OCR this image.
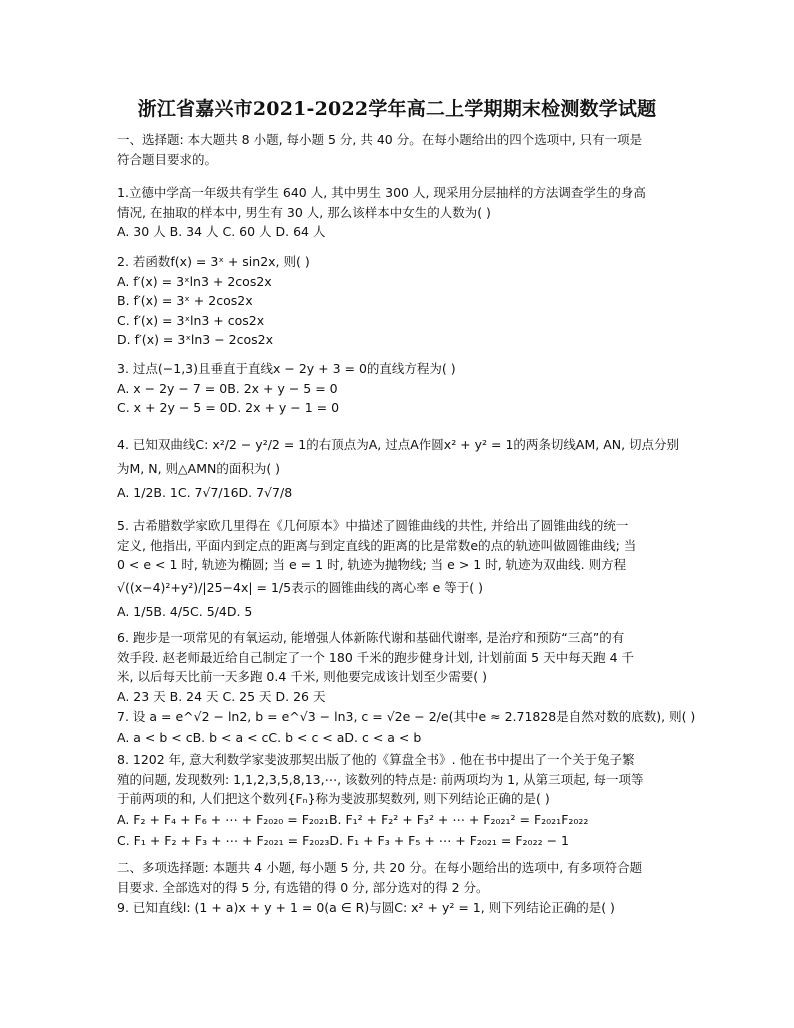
浙江省嘉兴市2021-2022学年高二上学期期末检测数学试题
一、选择题: 本大题共 8 小题, 每小题 5 分, 共 40 分。在每小题给出的四个选项中, 只有一项是
符合题目要求的。
1.立德中学高一年级共有学生 640 人, 其中男生 300 人, 现采用分层抽样的方法调查学生的身高
情况, 在抽取的样本中, 男生有 30 人, 那么该样本中女生的人数为( )
A. 30 人 B. 34 人 C. 60 人 D. 64 人
2. 若函数f(x) = 3ˣ + sin2x, 则( )
A. f′(x) = 3ˣln3 + 2cos2x
B. f′(x) = 3ˣ + 2cos2x
C. f′(x) = 3ˣln3 + cos2x
D. f′(x) = 3ˣln3 − 2cos2x
3. 过点(−1,3)且垂直于直线x − 2y + 3 = 0的直线方程为( )
A. x − 2y − 7 = 0B. 2x + y − 5 = 0
C. x + 2y − 5 = 0D. 2x + y − 1 = 0
4. 已知双曲线C: x²/2 − y²/2 = 1的右顶点为A, 过点A作圆x² + y² = 1的两条切线AM, AN, 切点分别
为M, N, 则△AMN的面积为( )
A. 1/2B. 1C. 7√7/16D. 7√7/8
5. 古希腊数学家欧几里得在《几何原本》中描述了圆锥曲线的共性, 并给出了圆锥曲线的统一
定义, 他指出, 平面内到定点的距离与到定直线的距离的比是常数e的点的轨迹叫做圆锥曲线; 当
0 < e < 1 时, 轨迹为椭圆; 当 e = 1 时, 轨迹为抛物线; 当 e > 1 时, 轨迹为双曲线. 则方程
√((x−4)²+y²)/|25−4x| = 1/5表示的圆锥曲线的离心率 e 等于( )
A. 1/5B. 4/5C. 5/4D. 5
6. 跑步是一项常见的有氧运动, 能增强人体新陈代谢和基础代谢率, 是治疗和预防“三高”的有
效手段. 赵老师最近给自己制定了一个 180 千米的跑步健身计划, 计划前面 5 天中每天跑 4 千
米, 以后每天比前一天多跑 0.4 千米, 则他要完成该计划至少需要( )
A. 23 天 B. 24 天 C. 25 天 D. 26 天
7. 设 a = e^√2 − ln2, b = e^√3 − ln3, c = √2e − 2/e(其中e ≈ 2.71828是自然对数的底数), 则( )
A. a < b < cB. b < a < cC. b < c < aD. c < a < b
8. 1202 年, 意大利数学家斐波那契出版了他的《算盘全书》. 他在书中提出了一个关于兔子繁
殖的问题, 发现数列: 1,1,2,3,5,8,13,⋯, 该数列的特点是: 前两项均为 1, 从第三项起, 每一项等
于前两项的和, 人们把这个数列{Fₙ}称为斐波那契数列, 则下列结论正确的是( )
A. F₂ + F₄ + F₆ + ⋯ + F₂₀₂₀ = F₂₀₂₁B. F₁² + F₂² + F₃² + ⋯ + F₂₀₂₁² = F₂₀₂₁F₂₀₂₂
C. F₁ + F₂ + F₃ + ⋯ + F₂₀₂₁ = F₂₀₂₃D. F₁ + F₃ + F₅ + ⋯ + F₂₀₂₁ = F₂₀₂₂ − 1
二、多项选择题: 本题共 4 小题, 每小题 5 分, 共 20 分。在每小题给出的选项中, 有多项符合题
目要求. 全部选对的得 5 分, 有选错的得 0 分, 部分选对的得 2 分。
9. 已知直线l: (1 + a)x + y + 1 = 0(a ∈ R)与圆C: x² + y² = 1, 则下列结论正确的是( )
